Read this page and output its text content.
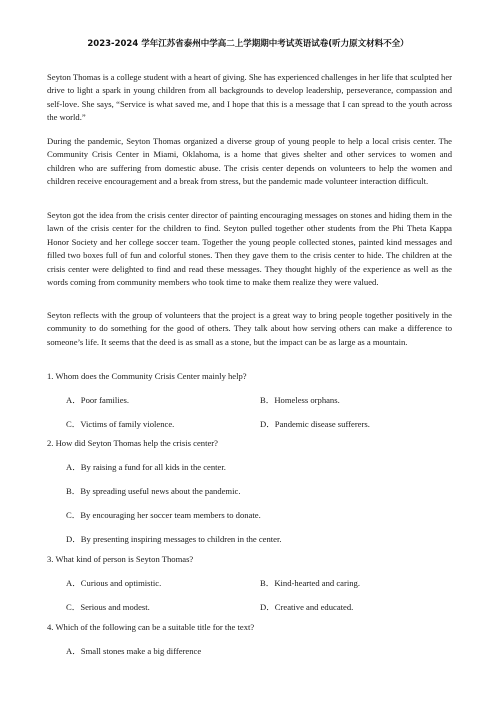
2023-2024 学年江苏省泰州中学高二上学期期中考试英语试卷(听力原文材料不全）

Seyton Thomas is a college student with a heart of giving. She has experienced challenges in her life that sculpted her drive to light a spark in young children from all backgrounds to develop leadership, perseverance, compassion and self-love. She says, “Service is what saved me, and I hope that this is a message that I can spread to the youth across the world.”

During the pandemic, Seyton Thomas organized a diverse group of young people to help a local crisis center. The Community Crisis Center in Miami, Oklahoma, is a home that gives shelter and other services to women and children who are suffering from domestic abuse. The crisis center depends on volunteers to help the women and children receive encouragement and a break from stress, but the pandemic made volunteer interaction difficult.

Seyton got the idea from the crisis center director of painting encouraging messages on stones and hiding them in the lawn of the crisis center for the children to find. Seyton pulled together other students from the Phi Theta Kappa Honor Society and her college soccer team. Together the young people collected stones, painted kind messages and filled two boxes full of fun and colorful stones. Then they gave them to the crisis center to hide. The children at the crisis center were delighted to find and read these messages. They thought highly of the experience as well as the words coming from community members who took time to make them realize they were valued.

Seyton reflects with the group of volunteers that the project is a great way to bring people together positively in the community to do something for the good of others. They talk about how serving others can make a difference to someone’s life. It seems that the deed is as small as a stone, but the impact can be as large as a mountain.

1. Whom does the Community Crisis Center mainly help?

A．Poor families.	B．Homeless orphans.

C．Victims of family violence.	D．Pandemic disease sufferers.

2. How did Seyton Thomas help the crisis center?

A．By raising a fund for all kids in the center.

B．By spreading useful news about the pandemic.

C．By encouraging her soccer team members to donate.

D．By presenting inspiring messages to children in the center.

3. What kind of person is Seyton Thomas?

A．Curious and optimistic.	B．Kind-hearted and caring.

C．Serious and modest.	D．Creative and educated.

4. Which of the following can be a suitable title for the text?

A．Small stones make a big difference
